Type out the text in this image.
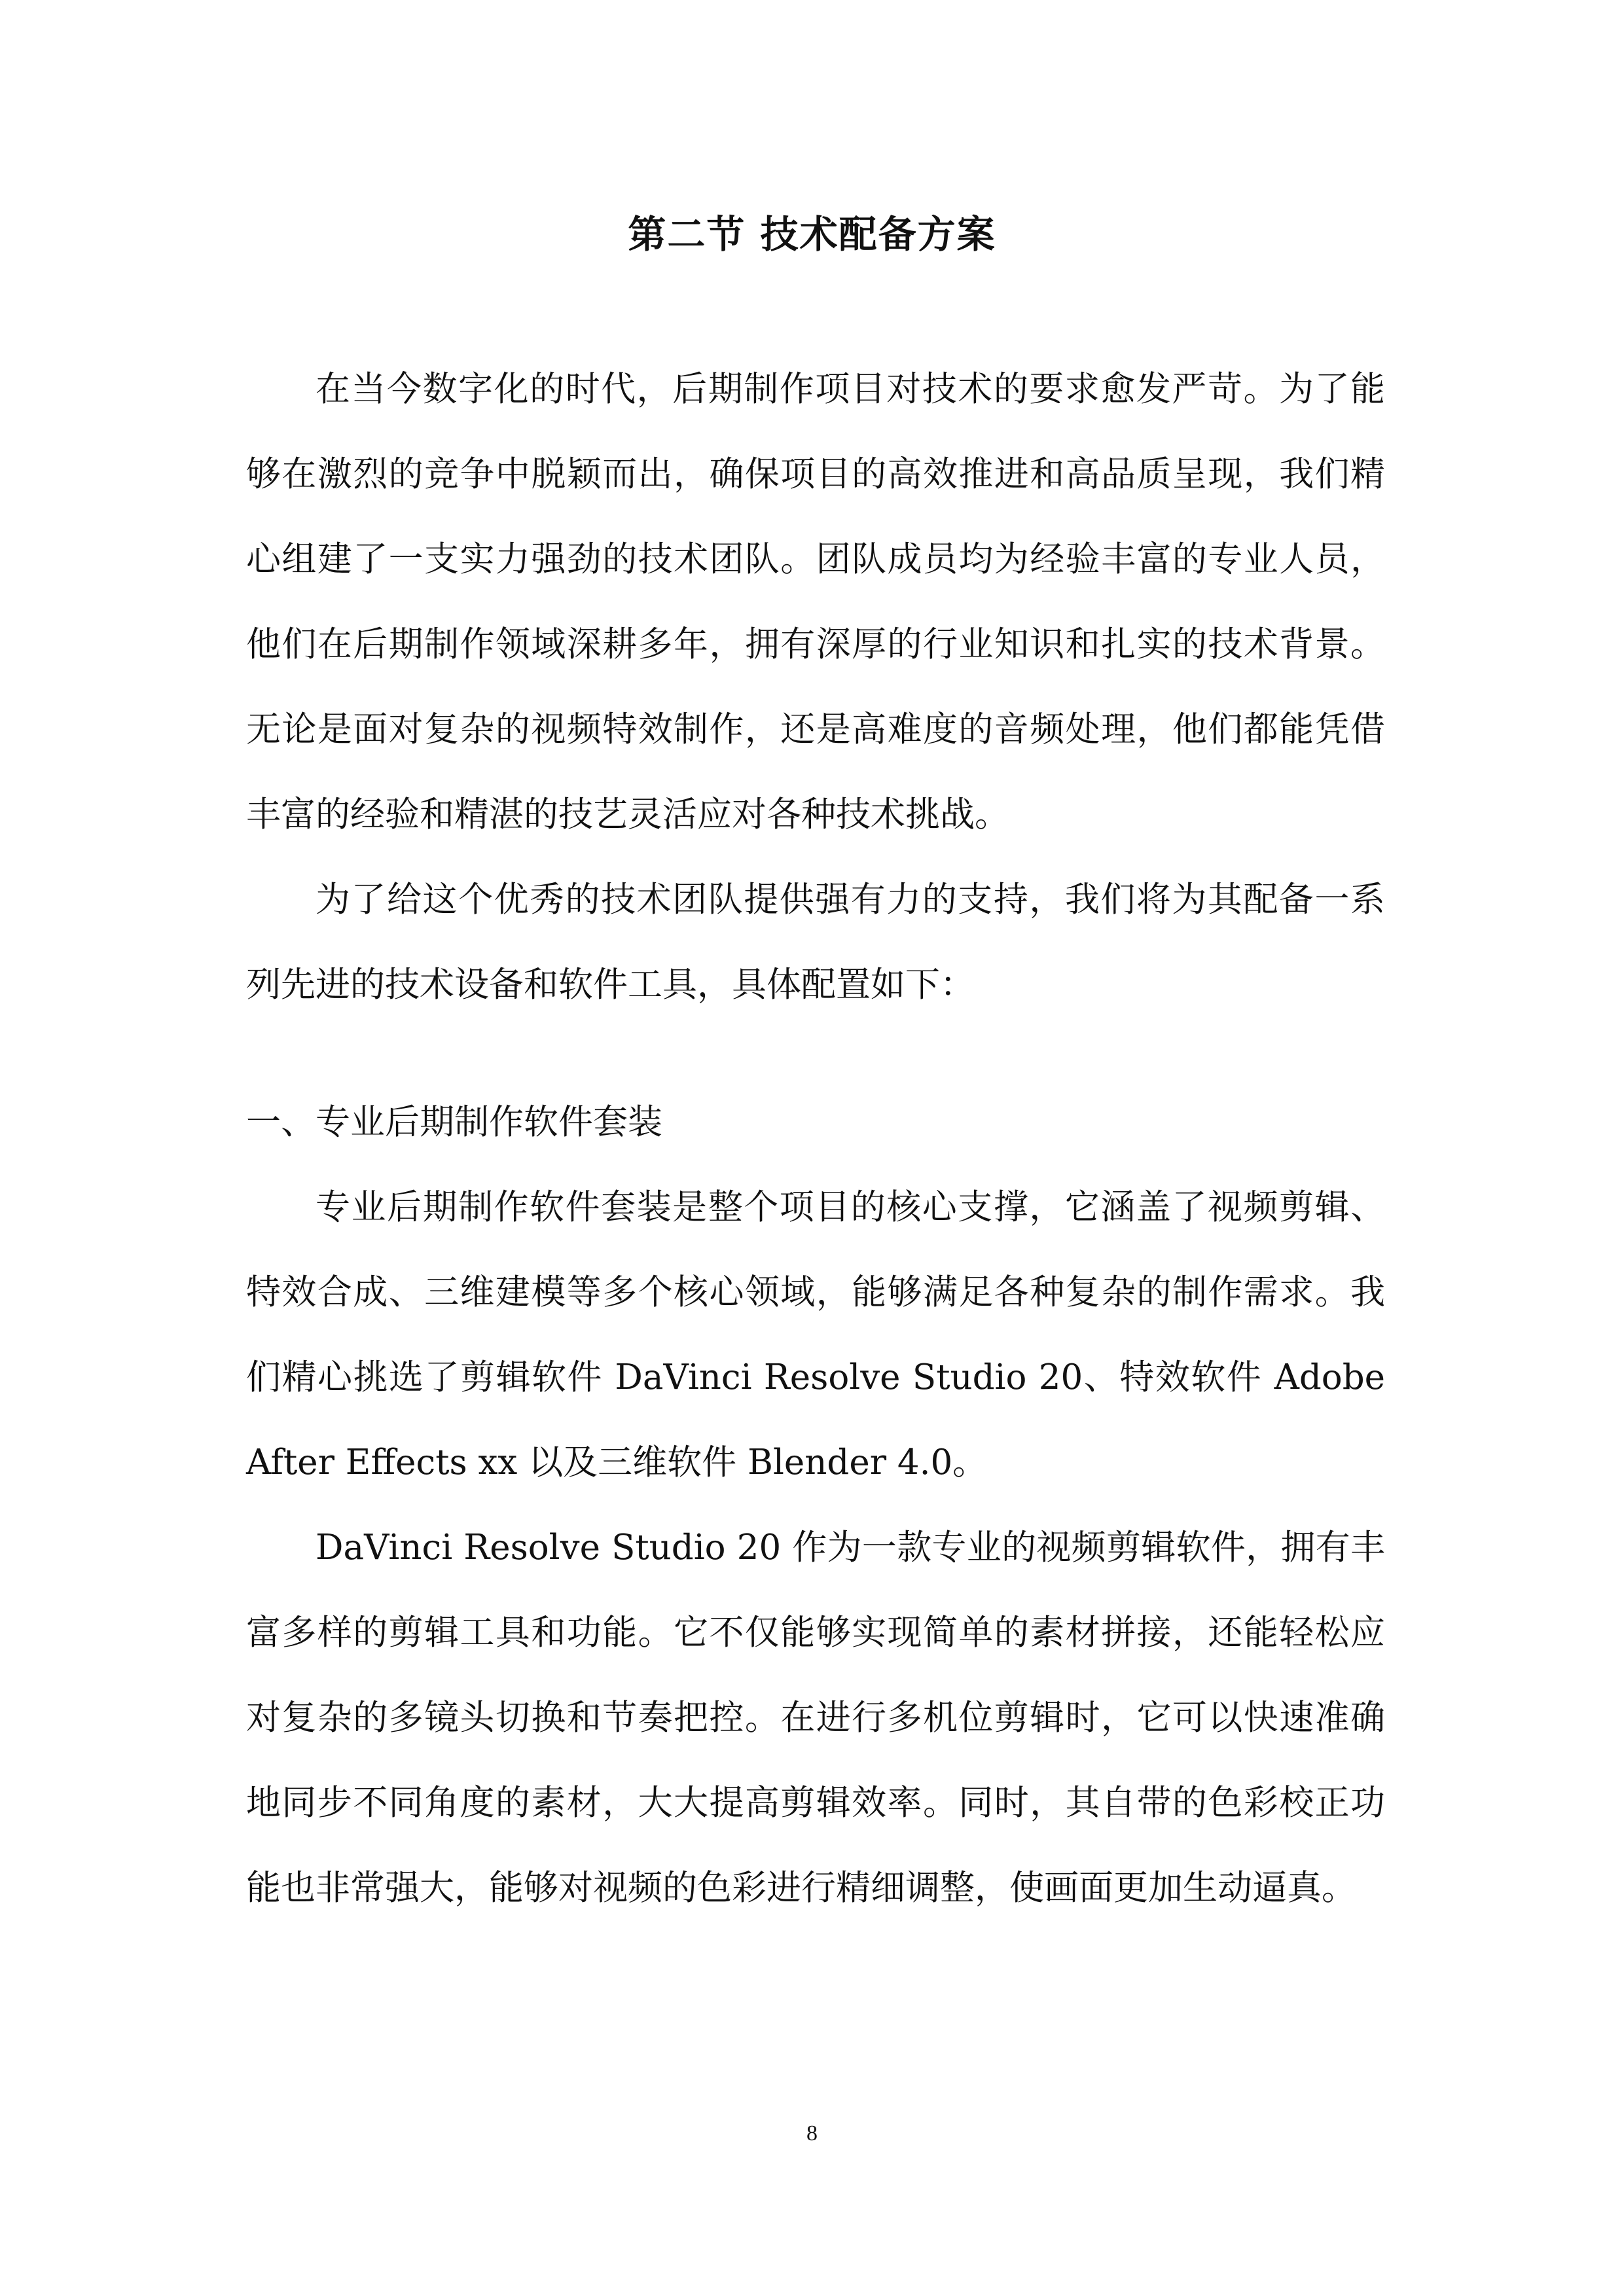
第二节 技术配备方案

在当今数字化的时代，后期制作项目对技术的要求愈发严苛。为了能够在激烈的竞争中脱颖而出，确保项目的高效推进和高品质呈现，我们精心组建了一支实力强劲的技术团队。团队成员均为经验丰富的专业人员，他们在后期制作领域深耕多年，拥有深厚的行业知识和扎实的技术背景。无论是面对复杂的视频特效制作，还是高难度的音频处理，他们都能凭借丰富的经验和精湛的技艺灵活应对各种技术挑战。

为了给这个优秀的技术团队提供强有力的支持，我们将为其配备一系列先进的技术设备和软件工具，具体配置如下：

一、专业后期制作软件套装

专业后期制作软件套装是整个项目的核心支撑，它涵盖了视频剪辑、特效合成、三维建模等多个核心领域，能够满足各种复杂的制作需求。我们精心挑选了剪辑软件 DaVinci Resolve Studio 20、特效软件 Adobe After Effects xx 以及三维软件 Blender 4.0。

DaVinci Resolve Studio 20 作为一款专业的视频剪辑软件，拥有丰富多样的剪辑工具和功能。它不仅能够实现简单的素材拼接，还能轻松应对复杂的多镜头切换和节奏把控。在进行多机位剪辑时，它可以快速准确地同步不同角度的素材，大大提高剪辑效率。同时，其自带的色彩校正功能也非常强大，能够对视频的色彩进行精细调整，使画面更加生动逼真。

8
